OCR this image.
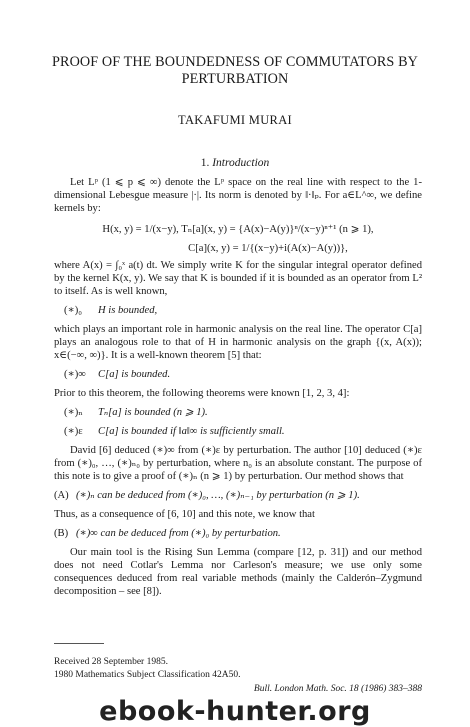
PROOF OF THE BOUNDEDNESS OF COMMUTATORS BY
PERTURBATION
TAKAFUMI MURAI
1. Introduction

Let Lᵖ (1 ⩽ p ⩽ ∞) denote the Lᵖ space on the real line with respect to the 1-dimensional Lebesgue measure |·|. Its norm is denoted by ‖·‖ₚ. For a∈L^∞, we define kernels by:

H(x, y) = 1/(x−y), Tₙ[a](x, y) = {A(x)−A(y)}ⁿ/(x−y)ⁿ⁺¹ (n ⩾ 1),
C[a](x, y) = 1/{(x−y)+i(A(x)−A(y))},

where A(x) = ∫₀ˣ a(t) dt. We simply write K for the singular integral operator defined by the kernel K(x, y). We say that K is bounded if it is bounded as an operator from L² to itself. As is well known,

(∗)₀ H is bounded,

which plays an important role in harmonic analysis on the real line. The operator C[a] plays an analogous role to that of H in harmonic analysis on the graph {(x, A(x)); x∈(−∞, ∞)}. It is a well-known theorem [5] that:

(∗)∞ C[a] is bounded.

Prior to this theorem, the following theorems were known [1, 2, 3, 4]:

(∗)ₙ Tₙ[a] is bounded (n ⩾ 1).
(∗)ε C[a] is bounded if ‖a‖∞ is sufficiently small.

David [6] deduced (∗)∞ from (∗)ε by perturbation. The author [10] deduced (∗)ε from (∗)₀, …, (∗)ₙ₀ by perturbation, where n₀ is an absolute constant. The purpose of this note is to give a proof of (∗)ₙ (n ⩾ 1) by perturbation. Our method shows that

(A) (∗)ₙ can be deduced from (∗)₀, …, (∗)ₙ₋₁ by perturbation (n ⩾ 1).

Thus, as a consequence of [6, 10] and this note, we know that

(B) (∗)∞ can be deduced from (∗)₀ by perturbation.

Our main tool is the Rising Sun Lemma (compare [12, p. 31]) and our method does not need Cotlar's Lemma nor Carleson's measure; we use only some consequences deduced from real variable methods (mainly the Calderón–Zygmund decomposition – see [8]).

Received 28 September 1985.
1980 Mathematics Subject Classification 42A50.
Bull. London Math. Soc. 18 (1986) 383–388
ebook-hunter.org
